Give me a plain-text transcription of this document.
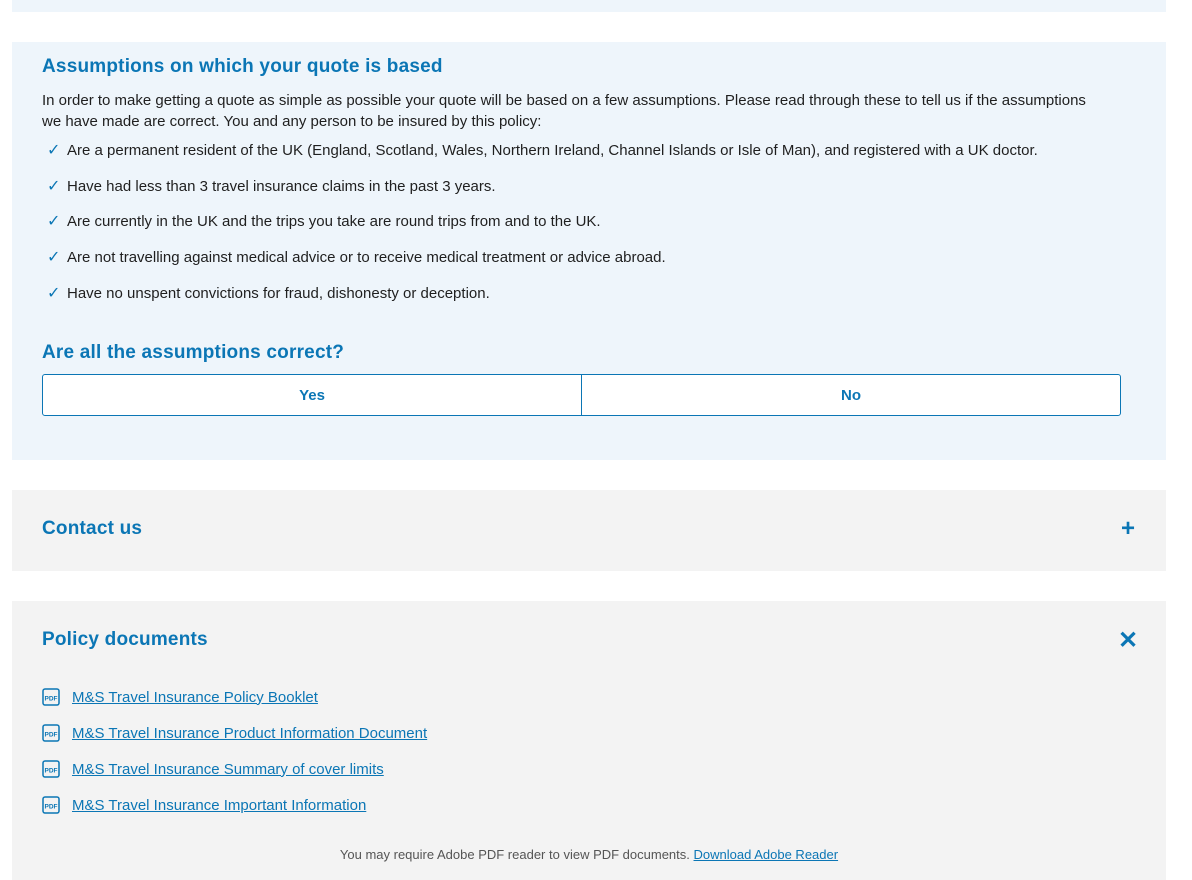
Assumptions on which your quote is based
In order to make getting a quote as simple as possible your quote will be based on a few assumptions. Please read through these to tell us if the assumptions we have made are correct. You and any person to be insured by this policy:
✓ Are a permanent resident of the UK (England, Scotland, Wales, Northern Ireland, Channel Islands or Isle of Man), and registered with a UK doctor.
✓ Have had less than 3 travel insurance claims in the past 3 years.
✓ Are currently in the UK and the trips you take are round trips from and to the UK.
✓ Are not travelling against medical advice or to receive medical treatment or advice abroad.
✓ Have no unspent convictions for fraud, dishonesty or deception.
Are all the assumptions correct?
Yes	No
Contact us	+
Policy documents	✕
PDF M&S Travel Insurance Policy Booklet
PDF M&S Travel Insurance Product Information Document
PDF M&S Travel Insurance Summary of cover limits
PDF M&S Travel Insurance Important Information
You may require Adobe PDF reader to view PDF documents. Download Adobe Reader
